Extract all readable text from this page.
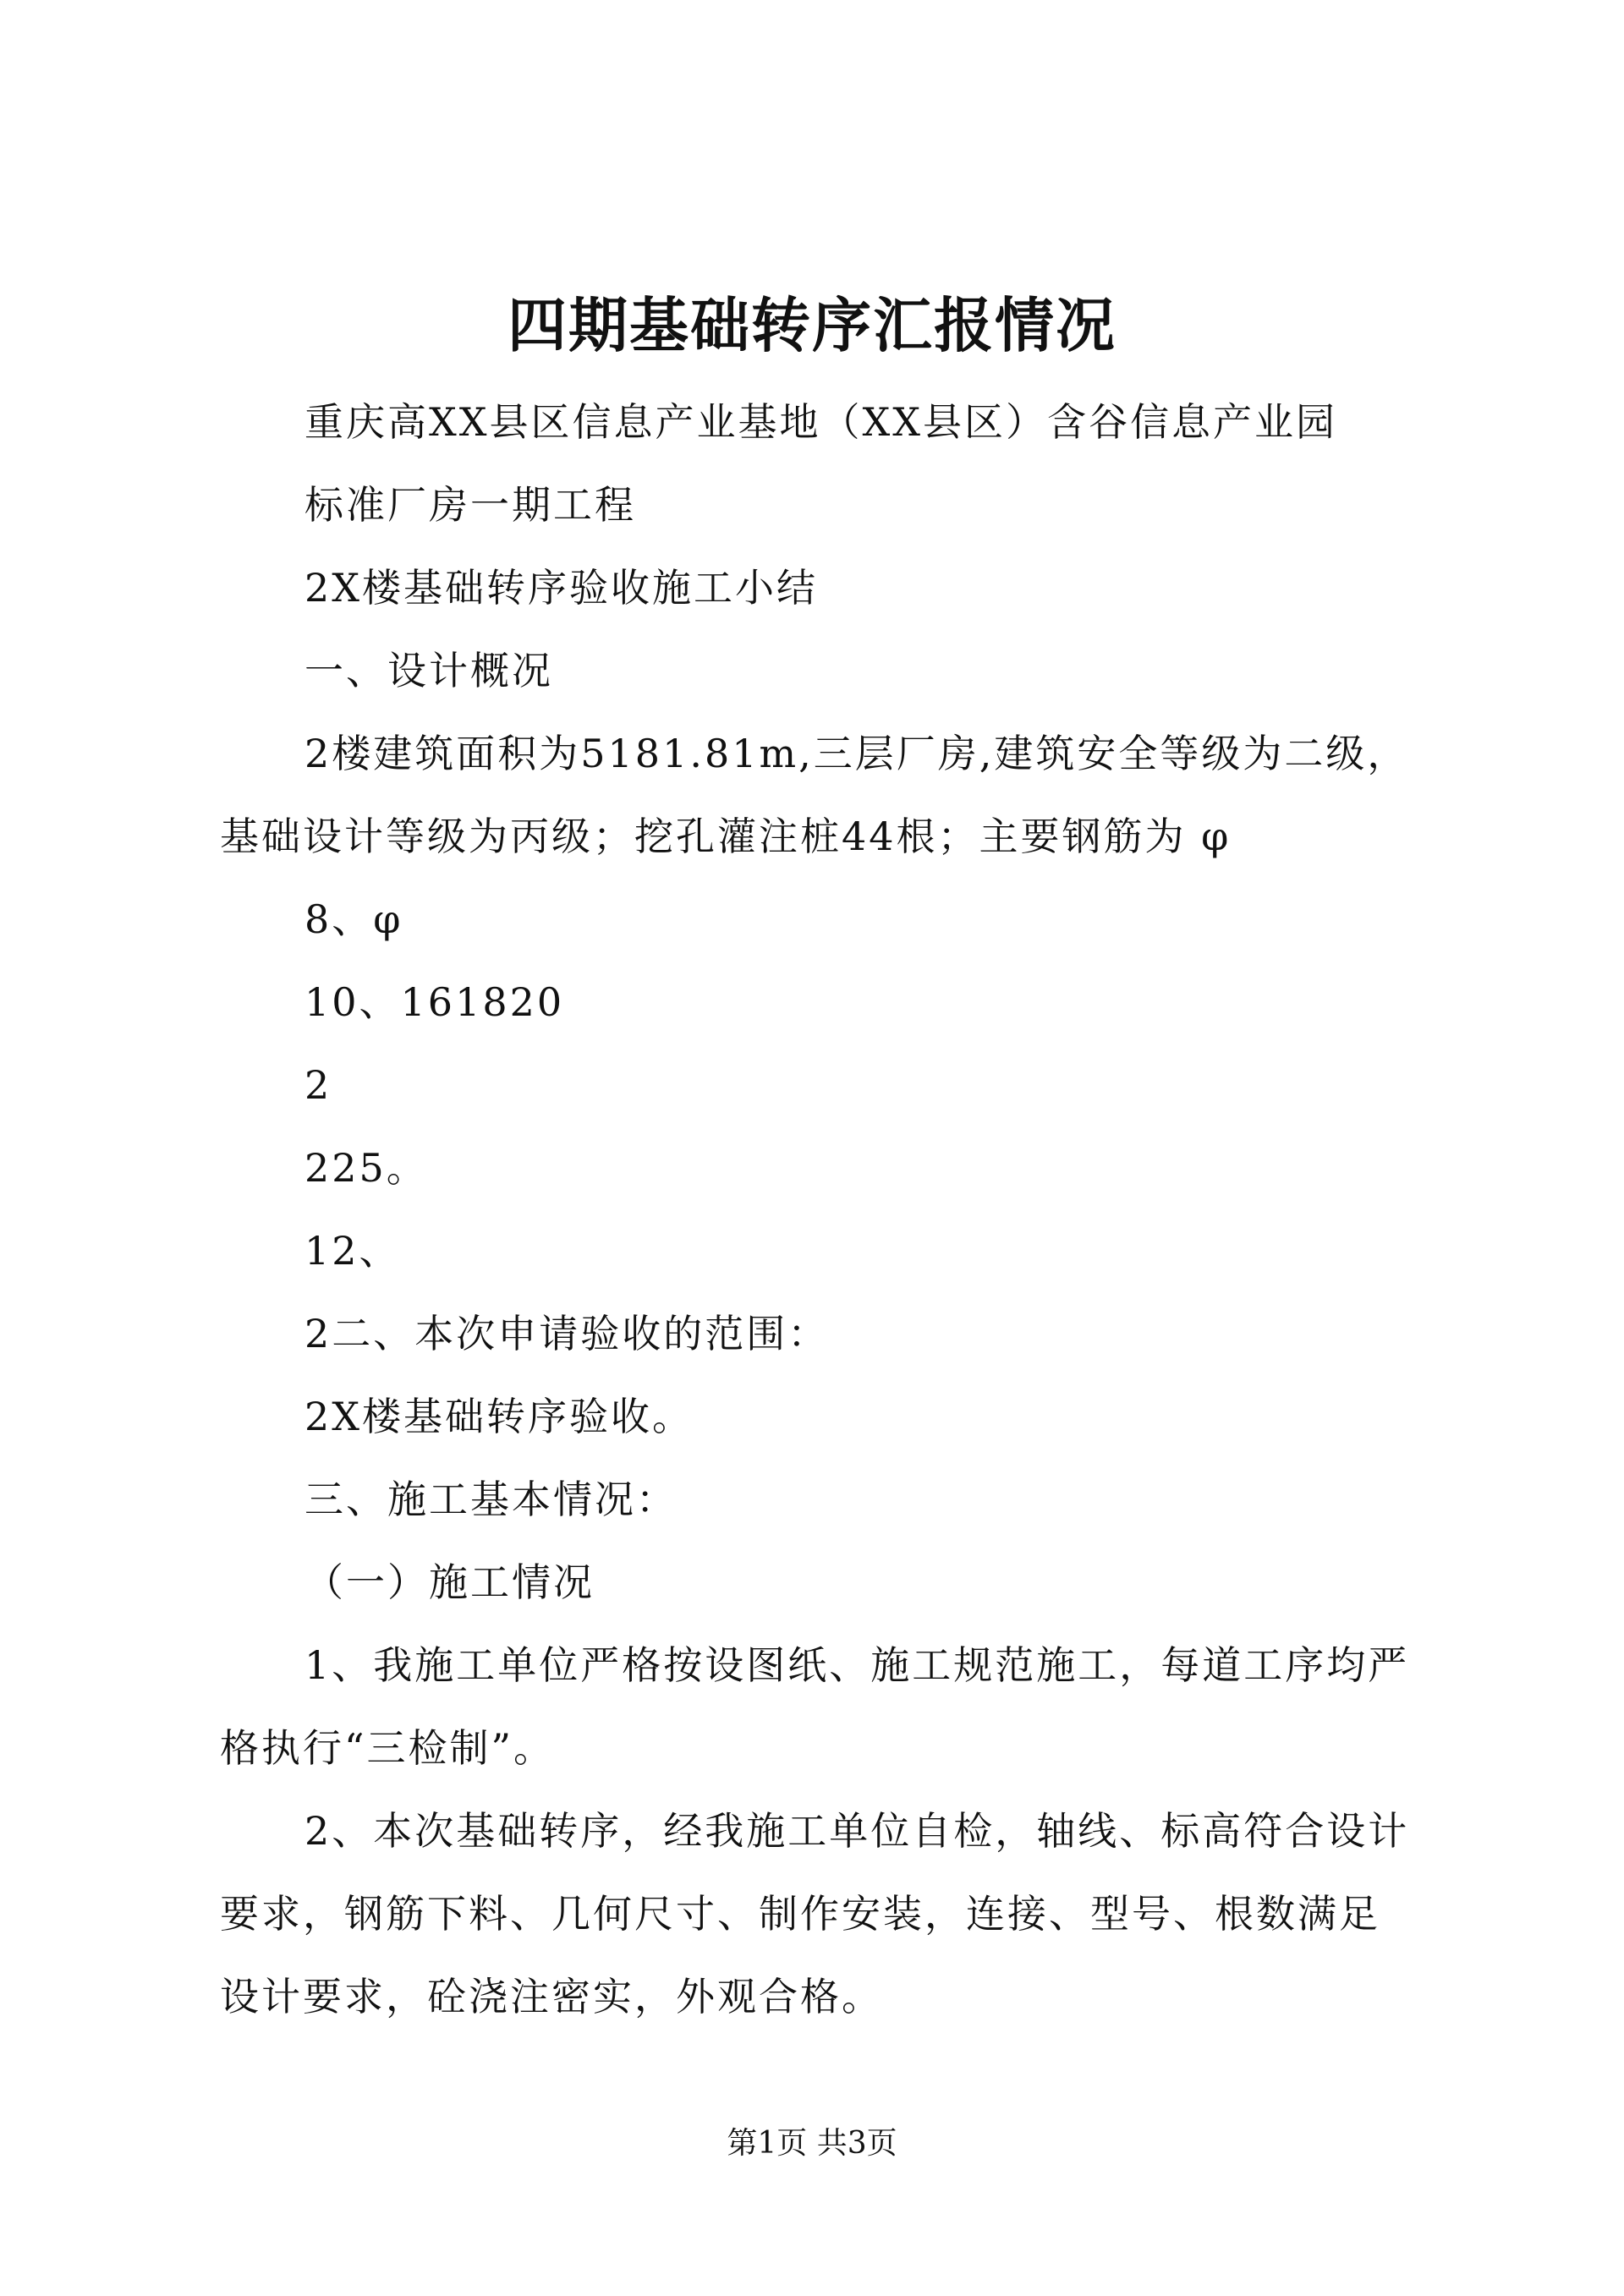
四期基础转序汇报情况

重庆高XX县区信息产业基地（XX县区）含谷信息产业园

标准厂房一期工程

2X楼基础转序验收施工小结

一、设计概况

2楼建筑面积为5181.81m,三层厂房,建筑安全等级为二级，基础设计等级为丙级；挖孔灌注桩44根；主要钢筋为 φ

8、φ

10、161820

2

225。

12、

2二、本次申请验收的范围：

2X楼基础转序验收。

三、施工基本情况：

（一）施工情况

1、我施工单位严格按设图纸、施工规范施工，每道工序均严格执行“三检制”。

2、本次基础转序，经我施工单位自检，轴线、标高符合设计要求，钢筋下料、几何尺寸、制作安装，连接、型号、根数满足设计要求，砼浇注密实，外观合格。

第1页 共3页
